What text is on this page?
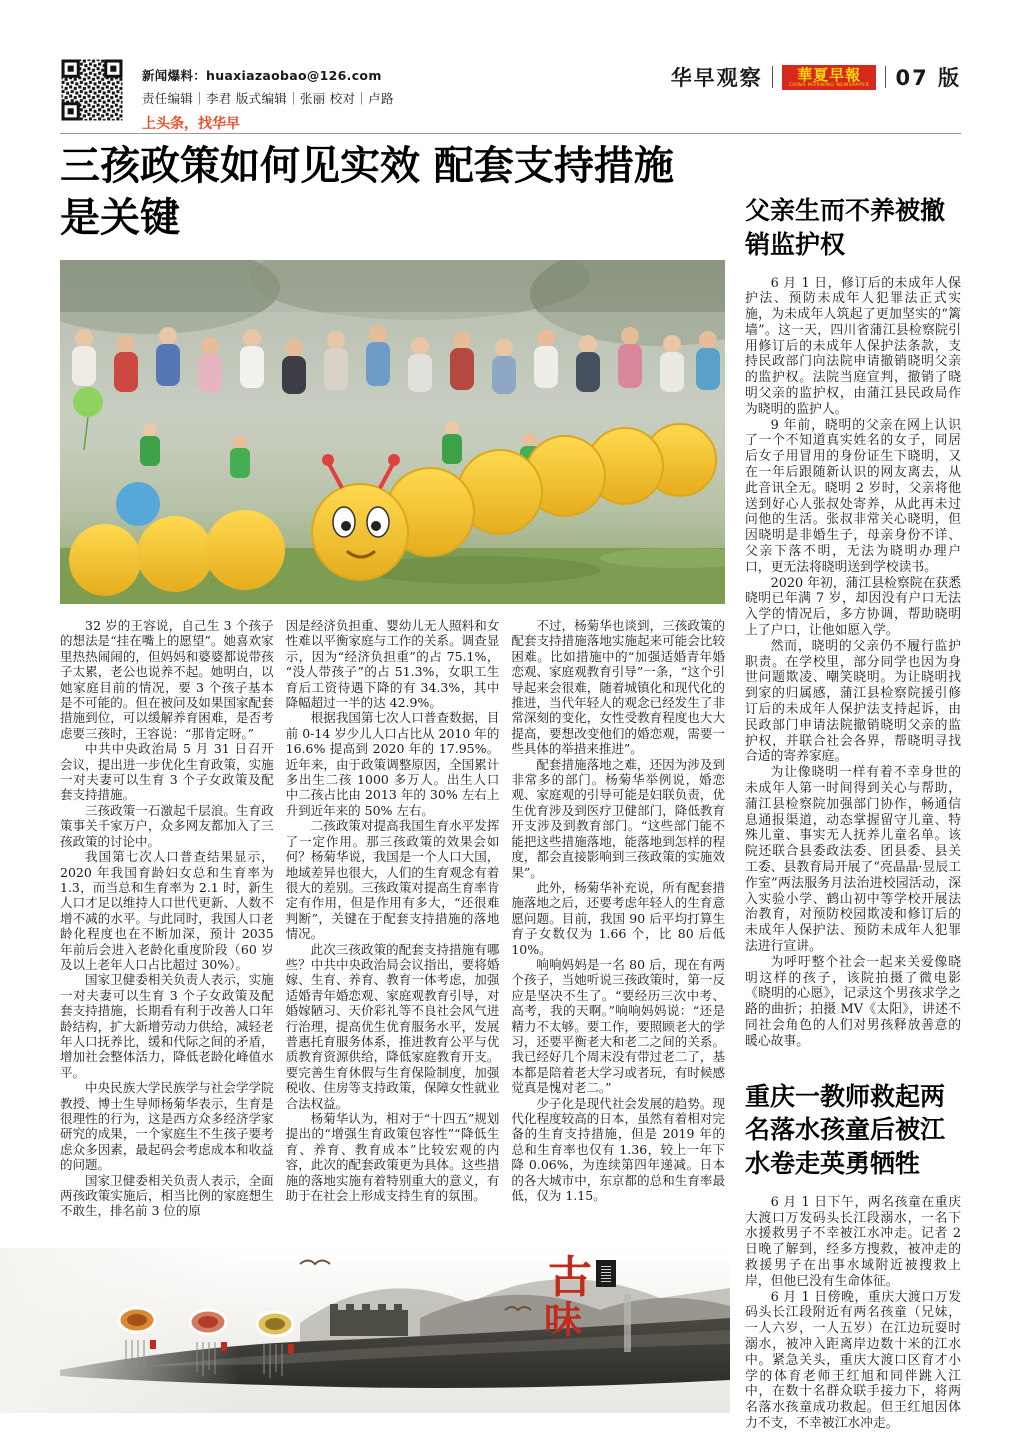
新闻爆料：huaxiazaobao@126.com
责任编辑｜李君 版式编辑｜张丽 校对｜卢路
上头条，找华早
华早观察	華夏早報
CHINA MORNING NEWSPAPER 07 版
三孩政策如何见实效 配套支持措施是关键

32 岁的王容说，自己生 3 个孩子的想法是“挂在嘴上的愿望”。她喜欢家里热热闹闹的，但妈妈和婆婆都说带孩子太累，老公也说养不起。她明白，以她家庭目前的情况，要 3 个孩子基本是不可能的。但在被问及如果国家配套措施到位，可以缓解养育困难，是否考虑要三孩时，王容说：“那肯定呀。”

中共中央政治局 5 月 31 日召开会议，提出进一步优化生育政策，实施一对夫妻可以生育 3 个子女政策及配套支持措施。

三孩政策一石激起千层浪。生育政策事关千家万户，众多网友都加入了三孩政策的讨论中。

我国第七次人口普查结果显示，2020 年我国育龄妇女总和生育率为 1.3，而当总和生育率为 2.1 时，新生人口才足以维持人口世代更新、人数不增不减的水平。与此同时，我国人口老龄化程度也在不断加深，预计 2035 年前后会进入老龄化重度阶段（60 岁及以上老年人口占比超过 30%）。

国家卫健委相关负责人表示，实施一对夫妻可以生育 3 个子女政策及配套支持措施，长期看有利于改善人口年龄结构，扩大新增劳动力供给，减轻老年人口抚养比，缓和代际之间的矛盾，增加社会整体活力，降低老龄化峰值水平。

中央民族大学民族学与社会学学院教授、博士生导师杨菊华表示，生育是很理性的行为，这是西方众多经济学家研究的成果，一个家庭生不生孩子要考虑众多因素，最起码会考虑成本和收益的问题。

国家卫健委相关负责人表示，全面两孩政策实施后，相当比例的家庭想生不敢生，排名前 3 位的原

因是经济负担重、婴幼儿无人照料和女性难以平衡家庭与工作的关系。调查显示，因为“经济负担重”的占 75.1%，“没人带孩子”的占 51.3%，女职工生育后工资待遇下降的有 34.3%，其中降幅超过一半的达 42.9%。

根据我国第七次人口普查数据，目前 0-14 岁少儿人口占比从 2010 年的 16.6% 提高到 2020 年的 17.95%。近年来，由于政策调整原因，全国累计多出生二孩 1000 多万人。出生人口中二孩占比由 2013 年的 30% 左右上升到近年来的 50% 左右。

二孩政策对提高我国生育水平发挥了一定作用。那三孩政策的效果会如何？杨菊华说，我国是一个人口大国，地域差异也很大，人们的生育观念有着很大的差别。三孩政策对提高生育率肯定有作用，但是作用有多大，“还很难判断”，关键在于配套支持措施的落地情况。

此次三孩政策的配套支持措施有哪些？中共中央政治局会议指出，要将婚嫁、生育、养育、教育一体考虑，加强适婚青年婚恋观、家庭观教育引导，对婚嫁陋习、天价彩礼等不良社会风气进行治理，提高优生优育服务水平，发展普惠托育服务体系，推进教育公平与优质教育资源供给，降低家庭教育开支。要完善生育休假与生育保险制度，加强税收、住房等支持政策，保障女性就业合法权益。

杨菊华认为，相对于“十四五”规划提出的“增强生育政策包容性”“降低生育、养育、教育成本”比较宏观的内容，此次的配套政策更为具体。这些措施的落地实施有着特别重大的意义，有助于在社会上形成支持生育的氛围。

不过，杨菊华也谈到，三孩政策的配套支持措施落地实施起来可能会比较困难。比如措施中的“加强适婚青年婚恋观、家庭观教育引导”一条，“这个引导起来会很难，随着城镇化和现代化的推进，当代年轻人的观念已经发生了非常深刻的变化，女性受教育程度也大大提高，要想改变他们的婚恋观，需要一些具体的举措来推进”。

配套措施落地之难，还因为涉及到非常多的部门。杨菊华举例说，婚恋观、家庭观的引导可能是妇联负责，优生优育涉及到医疗卫健部门，降低教育开支涉及到教育部门。“这些部门能不能把这些措施落地，能落地到怎样的程度，都会直接影响到三孩政策的实施效果”。

此外，杨菊华补充说，所有配套措施落地之后，还要考虑年轻人的生育意愿问题。目前，我国 90 后平均打算生育子女数仅为 1.66 个，比 80 后低 10%。

响响妈妈是一名 80 后，现在有两个孩子，当她听说三孩政策时，第一反应是坚决不生了。“要经历三次中考、高考，我的天啊。”响响妈妈说：“还是精力不太够。要工作，要照顾老大的学习，还要平衡老大和老二之间的关系。我已经好几个周末没有带过老二了，基本都是陪着老大学习或者玩，有时候感觉真是愧对老二。”

少子化是现代社会发展的趋势。现代化程度较高的日本，虽然有着相对完备的生育支持措施，但是 2019 年的总和生育率也仅有 1.36，较上一年下降 0.06%，为连续第四年递减。日本的各大城市中，东京都的总和生育率最低，仅为 1.15。

父亲生而不养被撤销监护权

6 月 1 日，修订后的未成年人保护法、预防未成年人犯罪法正式实施，为未成年人筑起了更加坚实的“篱墙”。这一天，四川省蒲江县检察院引用修订后的未成年人保护法条款，支持民政部门向法院申请撤销晓明父亲的监护权。法院当庭宣判，撤销了晓明父亲的监护权，由蒲江县民政局作为晓明的监护人。

9 年前，晓明的父亲在网上认识了一个不知道真实姓名的女子，同居后女子用冒用的身份证生下晓明，又在一年后跟随新认识的网友离去，从此音讯全无。晓明 2 岁时，父亲将他送到好心人张叔处寄养，从此再未过问他的生活。张叔非常关心晓明，但因晓明是非婚生子，母亲身份不详、父亲下落不明，无法为晓明办理户口，更无法将晓明送到学校读书。

2020 年初，蒲江县检察院在获悉晓明已年满 7 岁，却因没有户口无法入学的情况后，多方协调，帮助晓明上了户口，让他如愿入学。

然而，晓明的父亲仍不履行监护职责。在学校里，部分同学也因为身世问题欺凌、嘲笑晓明。为让晓明找到家的归属感，蒲江县检察院援引修订后的未成年人保护法支持起诉，由民政部门申请法院撤销晓明父亲的监护权，并联合社会各界，帮晓明寻找合适的寄养家庭。

为让像晓明一样有着不幸身世的未成年人第一时间得到关心与帮助，蒲江县检察院加强部门协作，畅通信息通报渠道，动态掌握留守儿童、特殊儿童、事实无人抚养儿童名单。该院还联合县委政法委、团县委、县关工委、县教育局开展了“亮晶晶·昱辰工作室”两法服务月法治进校园活动，深入实验小学、鹤山初中等学校开展法治教育，对预防校园欺凌和修订后的未成年人保护法、预防未成年人犯罪法进行宣讲。

为呼吁整个社会一起来关爱像晓明这样的孩子，该院拍摄了微电影《晓明的心愿》，记录这个男孩求学之路的曲折；拍摄 MV《太阳》，讲述不同社会角色的人们对男孩释放善意的暖心故事。

重庆一教师救起两名落水孩童后被江水卷走英勇牺牲

6 月 1 日下午，两名孩童在重庆大渡口万发码头长江段溺水，一名下水援救男子不幸被江水冲走。记者 2 日晚了解到，经多方搜救，被冲走的救援男子在出事水域附近被搜救上岸，但他已没有生命体征。

6 月 1 日傍晚，重庆大渡口万发码头长江段附近有两名孩童（兄妹，一人六岁，一人五岁）在江边玩耍时溺水，被冲入距离岸边数十米的江水中。紧急关头，重庆大渡口区育才小学的体育老师王红旭和同伴跳入江中，在数十名群众联手接力下，将两名落水孩童成功救起。但王红旭因体力不支，不幸被江水冲走。

古
味
